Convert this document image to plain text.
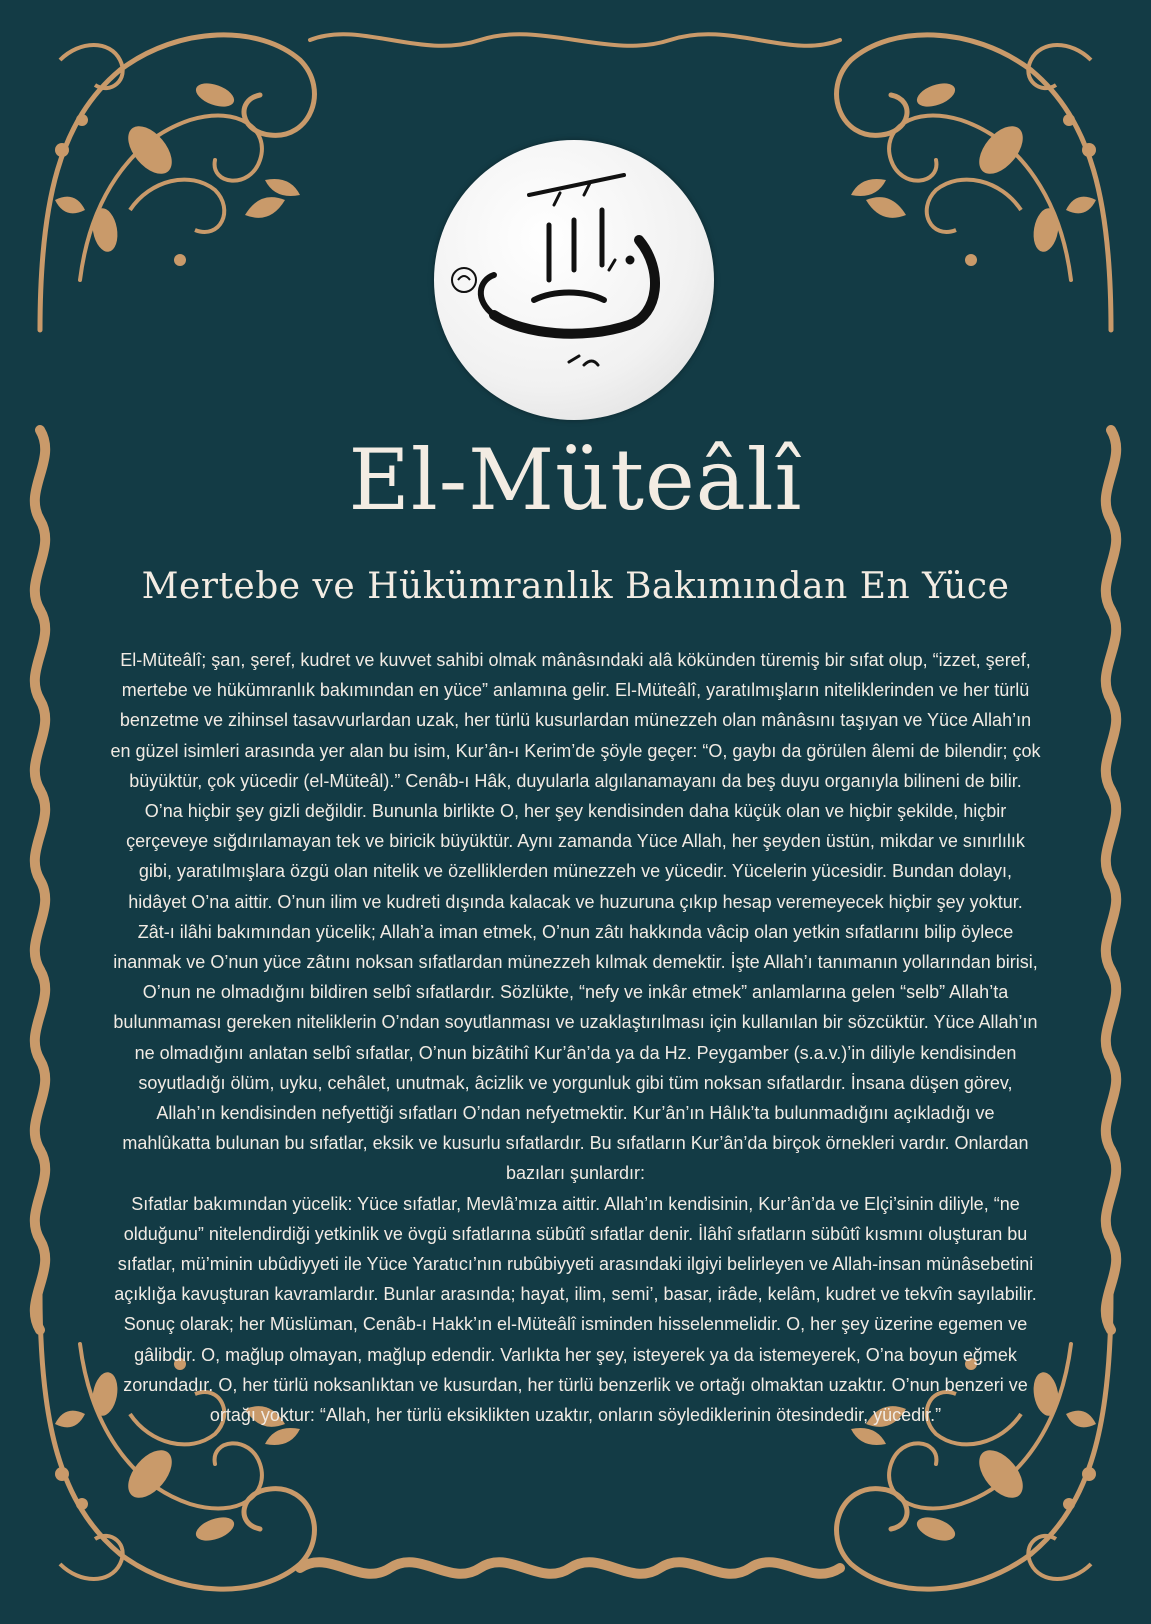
El-Müteâlî
Mertebe ve Hükümranlık Bakımından En Yüce

El-Müteâlî; şan, şeref, kudret ve kuvvet sahibi olmak mânâsındaki alâ kökünden türemiş bir sıfat olup, “izzet, şeref, mertebe ve hükümranlık bakımından en yüce” anlamına gelir. El-Müteâlî, yaratılmışların niteliklerinden ve her türlü benzetme ve zihinsel tasavvurlardan uzak, her türlü kusurlardan münezzeh olan mânâsını taşıyan ve Yüce Allah’ın en güzel isimleri arasında yer alan bu isim, Kur’ân-ı Kerim’de şöyle geçer: “O, gaybı da görülen âlemi de bilendir; çok büyüktür, çok yücedir (el-Müteâl).” Cenâb-ı Hâk, duyularla algılanamayanı da beş duyu organıyla bilineni de bilir. O’na hiçbir şey gizli değildir. Bununla birlikte O, her şey kendisinden daha küçük olan ve hiçbir şekilde, hiçbir çerçeveye sığdırılamayan tek ve biricik büyüktür. Aynı zamanda Yüce Allah, her şeyden üstün, mikdar ve sınırlılık gibi, yaratılmışlara özgü olan nitelik ve özelliklerden münezzeh ve yücedir. Yücelerin yücesidir. Bundan dolayı, hidâyet O’na aittir. O’nun ilim ve kudreti dışında kalacak ve huzuruna çıkıp hesap veremeyecek hiçbir şey yoktur.

Zât-ı ilâhi bakımından yücelik; Allah’a iman etmek, O’nun zâtı hakkında vâcip olan yetkin sıfatlarını bilip öylece inanmak ve O’nun yüce zâtını noksan sıfatlardan münezzeh kılmak demektir. İşte Allah’ı tanımanın yollarından birisi, O’nun ne olmadığını bildiren selbî sıfatlardır. Sözlükte, “nefy ve inkâr etmek” anlamlarına gelen “selb” Allah’ta bulunmaması gereken niteliklerin O’ndan soyutlanması ve uzaklaştırılması için kullanılan bir sözcüktür. Yüce Allah’ın ne olmadığını anlatan selbî sıfatlar, O’nun bizâtihî Kur’ân’da ya da Hz. Peygamber (s.a.v.)’in diliyle kendisinden soyutladığı ölüm, uyku, cehâlet, unutmak, âcizlik ve yorgunluk gibi tüm noksan sıfatlardır. İnsana düşen görev, Allah’ın kendisinden nefyettiği sıfatları O’ndan nefyetmektir. Kur’ân’ın Hâlık’ta bulunmadığını açıkladığı ve mahlûkatta bulunan bu sıfatlar, eksik ve kusurlu sıfatlardır. Bu sıfatların Kur’ân’da birçok örnekleri vardır. Onlardan bazıları şunlardır:

Sıfatlar bakımından yücelik: Yüce sıfatlar, Mevlâ’mıza aittir. Allah’ın kendisinin, Kur’ân’da ve Elçi’sinin diliyle, “ne olduğunu” nitelendirdiği yetkinlik ve övgü sıfatlarına sübûtî sıfatlar denir. İlâhî sıfatların sübûtî kısmını oluşturan bu sıfatlar, mü’minin ubûdiyyeti ile Yüce Yaratıcı’nın rubûbiyyeti arasındaki ilgiyi belirleyen ve Allah-insan münâsebetini açıklığa kavuşturan kavramlardır. Bunlar arasında; hayat, ilim, semi’, basar, irâde, kelâm, kudret ve tekvîn sayılabilir.

Sonuç olarak; her Müslüman, Cenâb-ı Hakk’ın el-Müteâlî isminden hisselenmelidir. O, her şey üzerine egemen ve gâlibdir. O, mağlup olmayan, mağlup edendir. Varlıkta her şey, isteyerek ya da istemeyerek, O’na boyun eğmek zorundadır. O, her türlü noksanlıktan ve kusurdan, her türlü benzerlik ve ortağı olmaktan uzaktır. O’nun benzeri ve ortağı yoktur: “Allah, her türlü eksiklikten uzaktır, onların söylediklerinin ötesindedir, yücedir.”
